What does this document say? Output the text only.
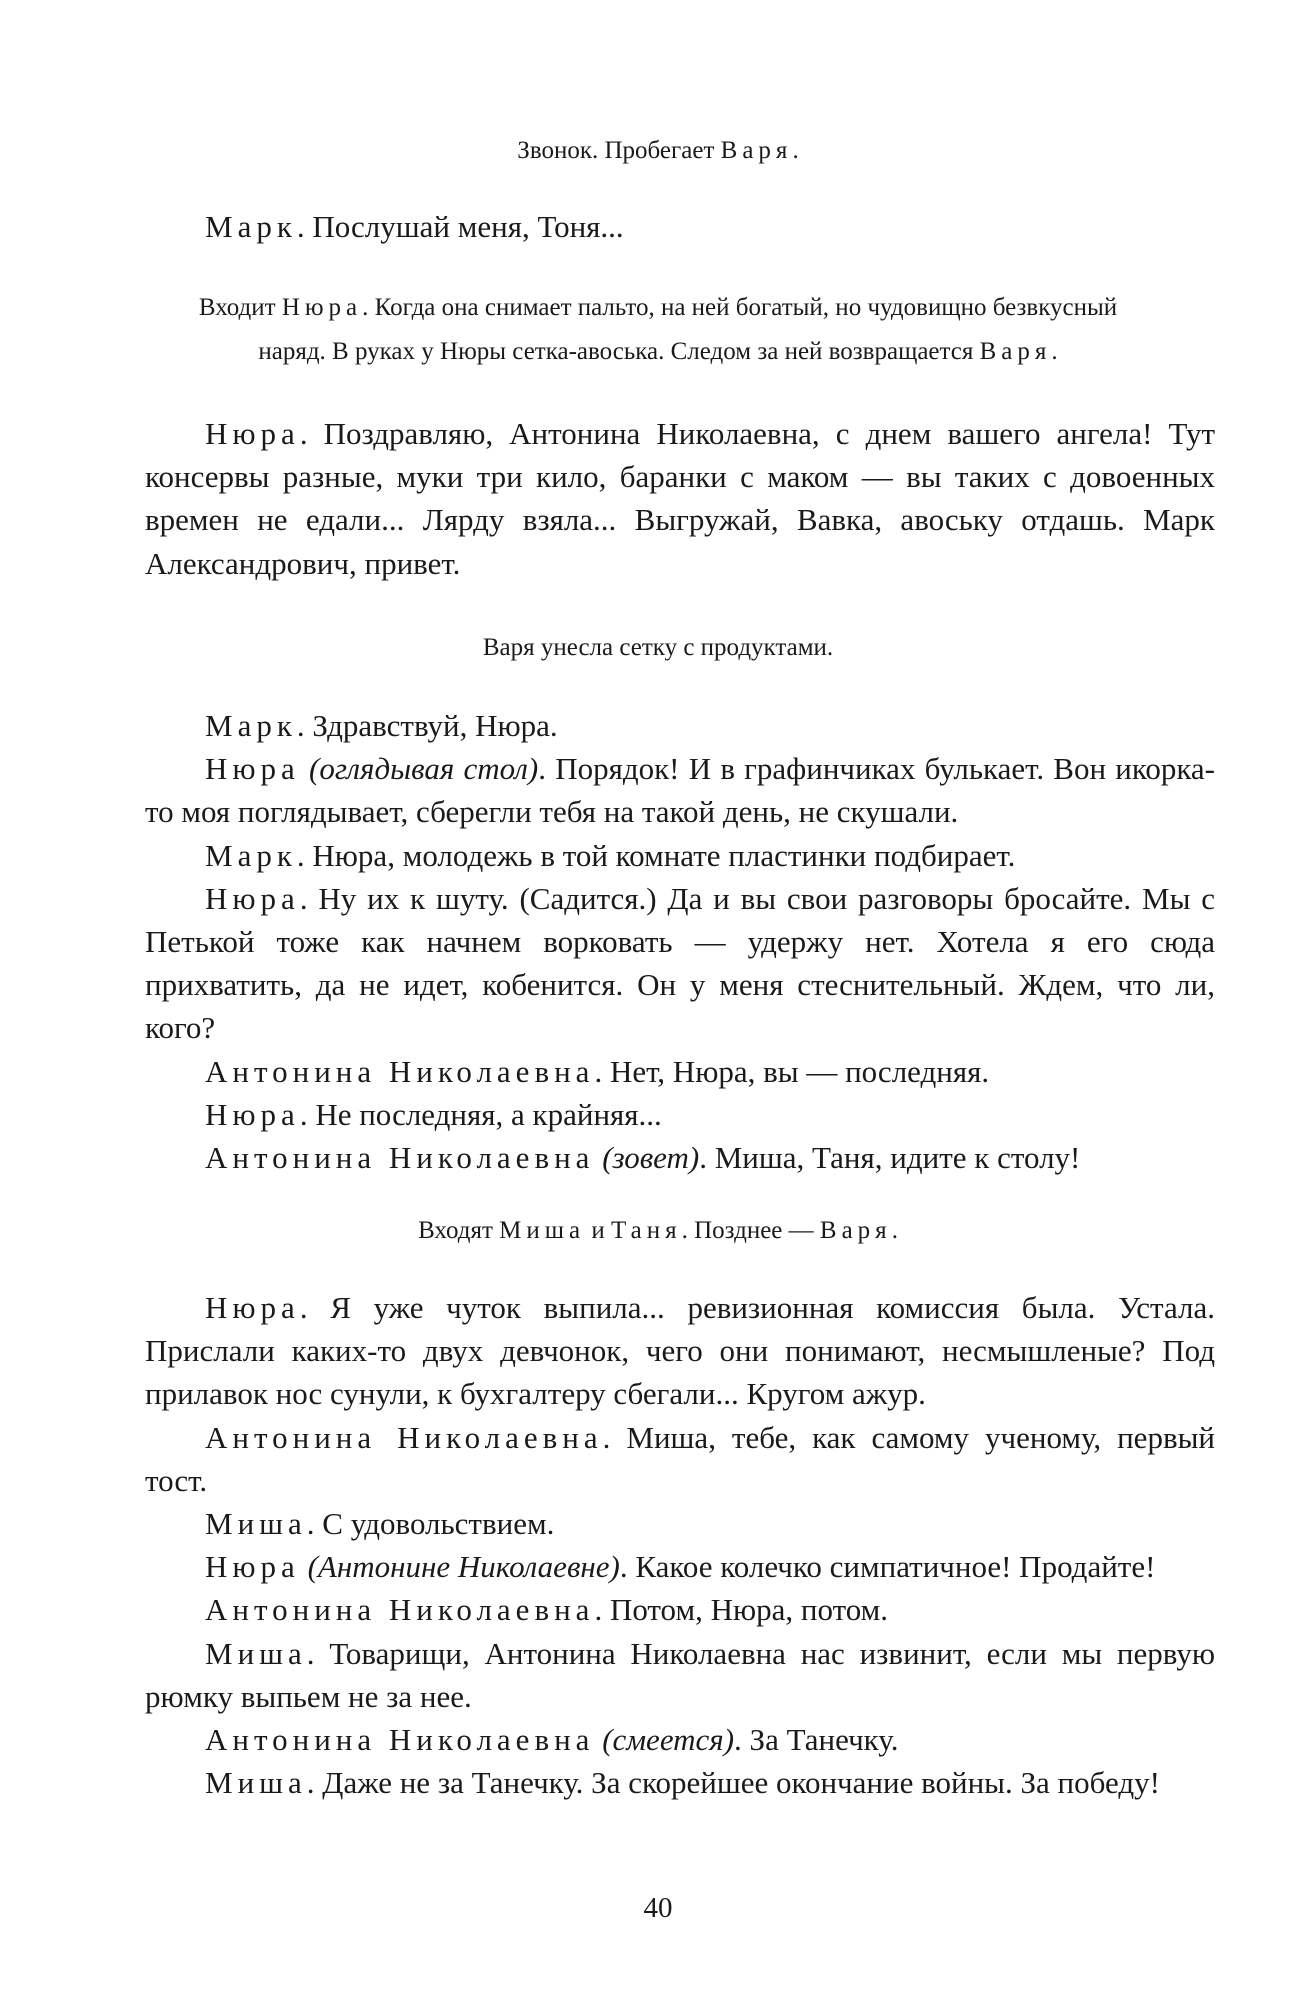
Звонок. Пробегает Варя.

Марк. Послушай меня, Тоня...

Входит Нюра. Когда она снимает пальто, на ней богатый, но чудовищно безвкусный
наряд. В руках у Нюры сетка-авоська. Следом за ней возвращается Варя.

Нюра. Поздравляю, Антонина Николаевна, с днем вашего ангела! Тут консервы разные, муки три кило, баранки с маком — вы таких с довоенных времен не едали... Лярду взяла... Выгружай, Вавка, авоську отдашь. Марк Александрович, привет.

Варя унесла сетку с продуктами.

Марк. Здравствуй, Нюра.

Нюра (оглядывая стол). Порядок! И в графинчиках булькает. Вон икорка-то моя поглядывает, сберегли тебя на такой день, не скушали.

Марк. Нюра, молодежь в той комнате пластинки подбирает.

Нюра. Ну их к шуту. (Садится.) Да и вы свои разговоры бросайте. Мы с Петькой тоже как начнем ворковать — удержу нет. Хотела я его сюда прихватить, да не идет, кобенится. Он у меня стеснительный. Ждем, что ли, кого?

Антонина Николаевна. Нет, Нюра, вы — последняя.

Нюра. Не последняя, а крайняя...

Антонина Николаевна (зовет). Миша, Таня, идите к столу!

Входят Миша и Таня. Позднее — Варя.

Нюра. Я уже чуток выпила... ревизионная комиссия была. Устала. Прислали каких-то двух девчонок, чего они понимают, несмышленые? Под прилавок нос сунули, к бухгалтеру сбегали... Кругом ажур.

Антонина Николаевна. Миша, тебе, как самому ученому, первый тост.

Миша. С удовольствием.

Нюра (Антонине Николаевне). Какое колечко симпатичное! Продайте!

Антонина Николаевна. Потом, Нюра, потом.

Миша. Товарищи, Антонина Николаевна нас извинит, если мы первую рюмку выпьем не за нее.

Антонина Николаевна (смеется). За Танечку.

Миша. Даже не за Танечку. За скорейшее окончание войны. За победу!

40
